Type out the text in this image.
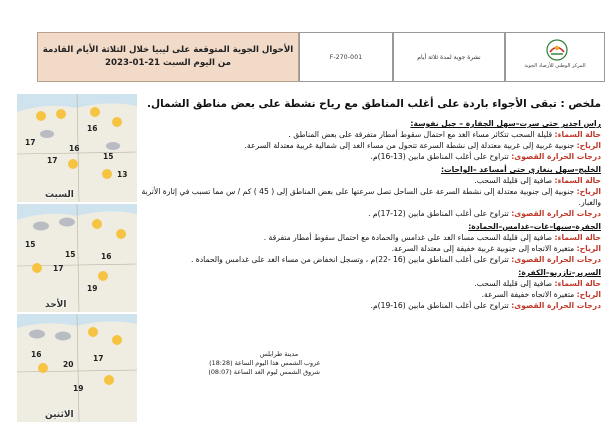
الأحوال الجوية المتوقعة على ليبيا خلال الثلاثة الأيام القادمة
من اليوم السبت 21-01-2023
F-270-001	نشرة جوية لمدة ثلاثة أيام
المركز الوطني للأرصاد الجوية
17
16
15
17
16
13
السبت
15
15
17
16
19
الأحد
16
20
17
19
الاثنين
ملخص : تبقى الأجواء باردة على أغلب المناطق مع رياح نشطة على بعض مناطق الشمال.
راس اجدير حتى سرت–سهل الجفارة – جبل نفوسة:
حالة السماء: قليلة السحب تتكاثر مساء الغد مع احتمال سقوط أمطار متفرقة على بعض المناطق .
الرياح: جنوبية غربية إلى غربية معتدلة إلى نشطة السرعة تتحول من مساء الغد إلى شمالية غربية معتدلة السرعة.
درجات الحرارة القصوى: تتراوح على أغلب المناطق مابين (13-16)م.
الخليج–سهل بنغازي حتى أمساعد –الواحات:
حالة السماء: صافية إلى قليلة السحب.
الرياح: جنوبية إلى جنوبية معتدلة إلى نشطة السرعة على الساحل تصل سرعتها على بعض المناطق إلى ( 45 ) كم / س مما تسبب في إثارة الأتربة والغبار.
درجات الحرارة القصوى: تتراوح على أغلب المناطق مابين (12-17)م .
الجفرة–سبها–غات–غدامس–الحمادة:
حالة السماء: صافية إلى قليلة السحب مساء الغد على غدامس والحمادة مع احتمال سقوط أمطار متفرقة .
الرياح: متغيرة الاتجاه إلى جنوبية غربية خفيفة إلى معتدلة السرعة.
درجات الحرارة القصوى: تتراوح على أغلب المناطق مابين (16 -22)م ، وتسجل انخفاض من مساء الغد على غدامس والحمادة .
السرير–تازربو–الكفرة:
حالة السماء: صافية إلى قليلة السحب.
الرياح: متغيرة الاتجاه خفيفة السرعة.
درجات الحرارة القصوى: تتراوح على أغلب المناطق مابين (16-19)م.
مدينة طرابلس
غروب الشمس هذا اليوم الساعة (18:28)
شروق الشمس ليوم الغد الساعة (08:07)
